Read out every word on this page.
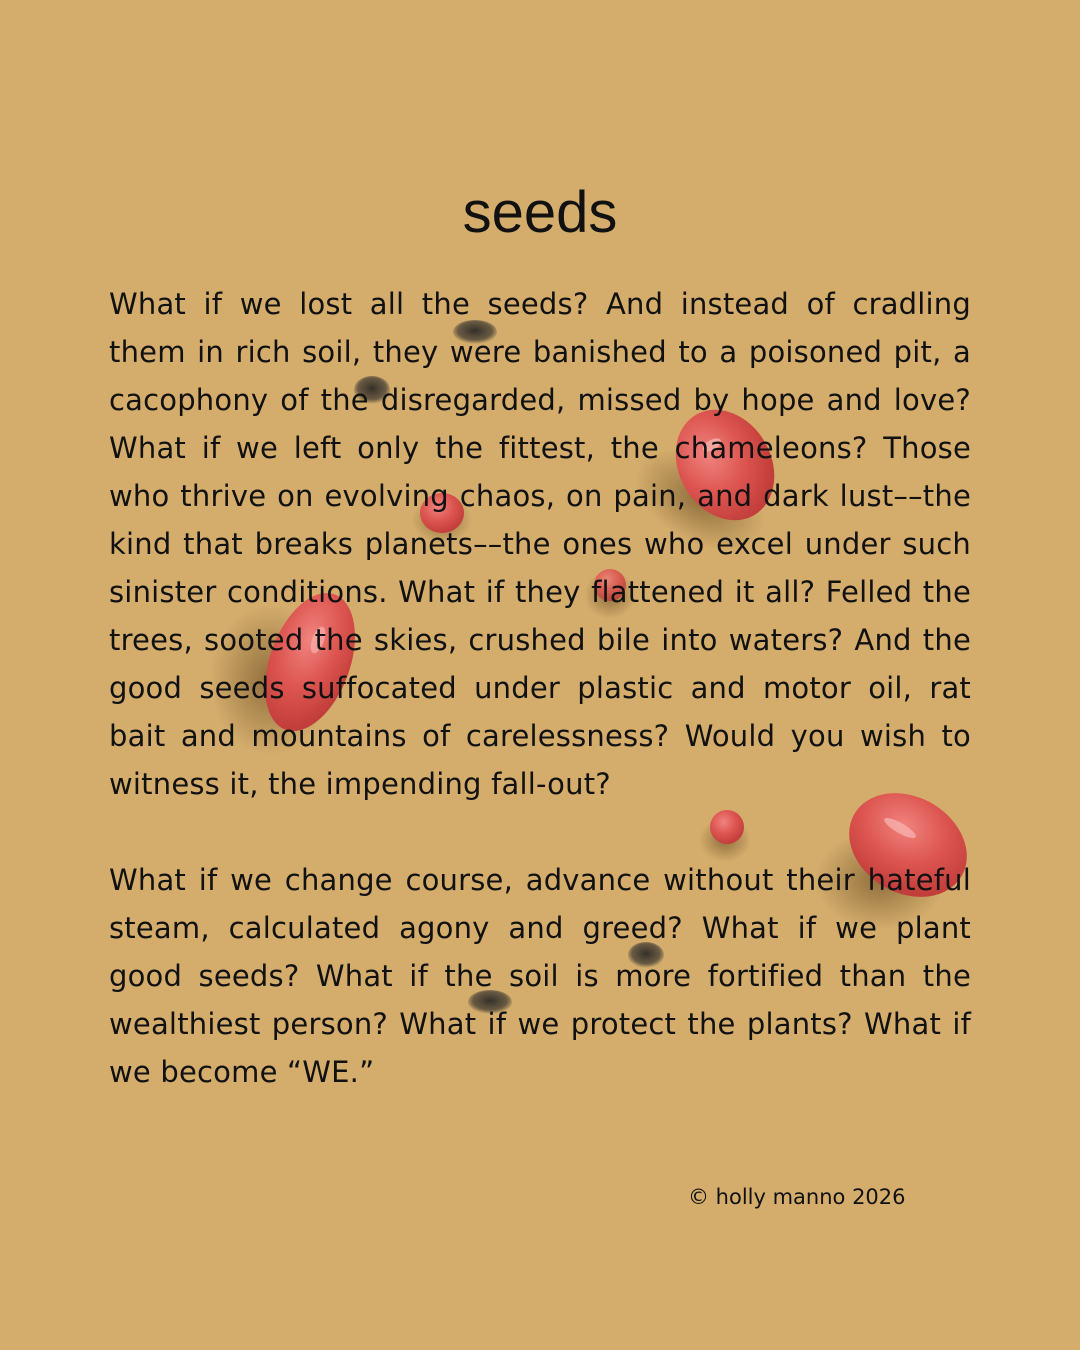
seeds

What if we lost all the seeds? And instead of cradling them in rich soil, they were banished to a poisoned pit, a cacophony of the disregarded, missed by hope and love? What if we left only the fittest, the chameleons? Those who thrive on evolving chaos, on pain, and dark lust––the kind that breaks planets––the ones who excel under such sinister conditions. What if they flattened it all? Felled the trees, sooted the skies, crushed bile into waters? And the good seeds suffocated under plastic and motor oil, rat bait and mountains of carelessness? Would you wish to witness it, the impending fall-out?

What if we change course, advance without their hateful steam, calculated agony and greed? What if we plant good seeds? What if the soil is more fortified than the wealthiest person? What if we protect the plants? What if we become “WE.”

© holly manno 2026
